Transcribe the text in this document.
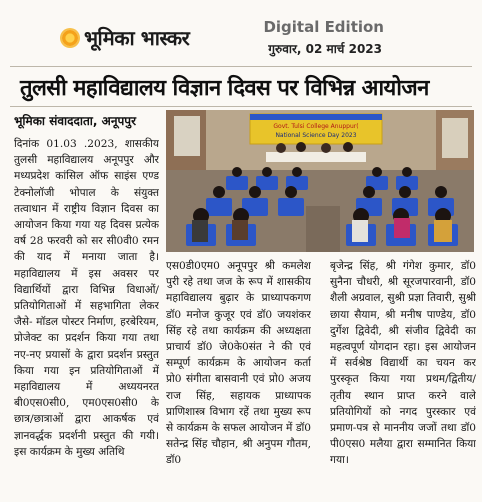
भूमिका भास्कर	Digital Edition
गुरुवार, 02 मार्च 2023
तुलसी महाविद्यालय विज्ञान दिवस पर विभिन्न आयोजन
भूमिका संवाददाता, अनूपपुर	Govt. Tulsi College Anuppur(
National Science Day 2023

दिनांक 01.03 .2023, शासकीय तुलसी महाविद्यालय अनूपपुर और मध्यप्रदेश कांसिल ऑफ साइंस एण्ड टेक्नोलॉजी भोपाल के संयुक्त तत्वाधान में राष्ट्रीय विज्ञान दिवस का आयोजन किया गया यह दिवस प्रत्येक वर्ष 28 फरवरी को सर सी0वी0 रमन की याद में मनाया जाता है। महाविद्यालय में इस अवसर पर विद्यार्थियों द्वारा विभिन्न विधाओं/ प्रतियोगिताओं में सहभागिता लेकर जैसे- मॉडल पोस्टर निर्माण, हरबेरियम, प्रोजेक्ट का प्रदर्शन किया गया तथा नए-नए प्रयासों के द्वारा प्रदर्शन प्रस्तुत किया गया इन प्रतियोगिताओं में महाविद्यालय में अध्ययनरत बी0एस0सी0, एम0एस0सी0 के छात्र/छात्राओं द्वारा आकर्षक एवं ज्ञानवर्द्धक प्रदर्शनी प्रस्तुत की गयी। इस कार्यक्रम के मुख्य अतिथि

एस0डी0एम0 अनूपपुर श्री कमलेश पुरी रहे तथा जज के रूप में शासकीय महाविद्यालय बुढ़ार के प्राध्यापकगण डॉ0 मनोज कुजूर एवं डॉ0 जयशंकर सिंह रहे तथा कार्यक्रम की अध्यक्षता प्राचार्य डॉ0 जे0के0संत ने की एवं सम्पूर्ण कार्यक्रम के आयोजन कर्ता प्रो0 संगीता बासवानी एवं प्रो0 अजय राज सिंह, सहायक प्राध्यापक प्राणिशास्त्र विभाग रहें तथा मुख्य रूप से कार्यक्रम के सफल आयोजन में डॉ0 सतेन्द्र सिंह चौहान, श्री अनुपम गौतम, डॉ0

बृजेन्द्र सिंह, श्री गंगेश कुमार, डॉ0 सुनैना चौधरी, श्री सूरजपारवानी, डॉ0 शैली अग्रवाल, सुश्री प्रज्ञा तिवारी, सुश्री छाया सैयाम, श्री मनीष पाण्डेय, डॉ0 दुर्गेश द्विवेदी, श्री संजीव द्विवेदी का महत्वपूर्ण योगदान रहा। इस आयोजन में सर्वश्रेष्ठ विद्यार्थी का चयन कर पुरस्कृत किया गया प्रथम/द्वितीय/ तृतीय स्थान प्राप्त करने वाले प्रतियोगियों को नगद पुरस्कार एवं प्रमाण-पत्र से माननीय जजों तथा डॉ0 पी0एस0 मलैया द्वारा सम्मानित किया गया।
